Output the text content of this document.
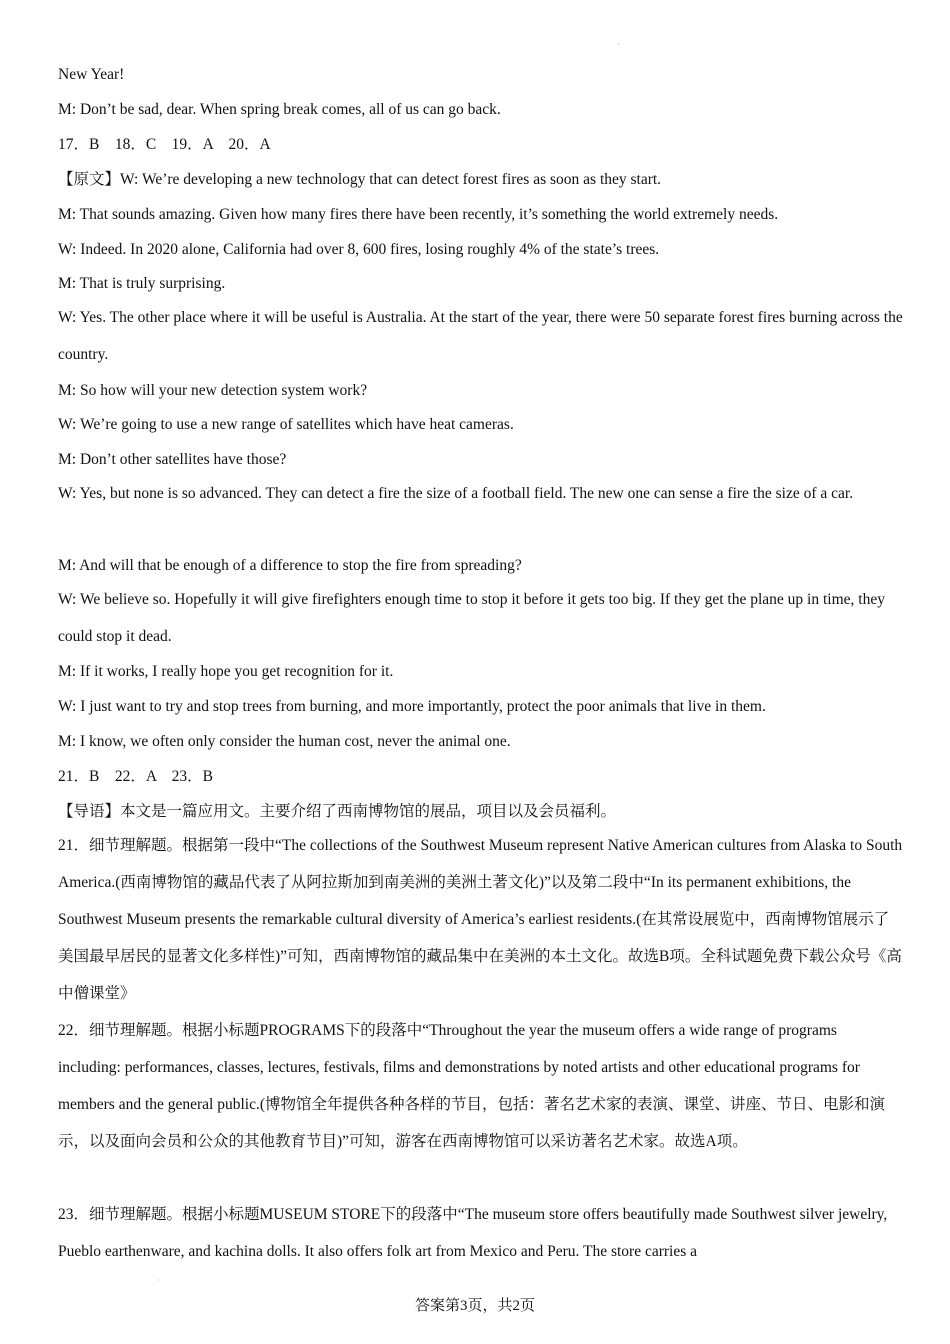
New Year!
M: Don’t be sad, dear. When spring break comes, all of us can go back.
17．B　18．C　19．A　20．A
【原文】W: We’re developing a new technology that can detect forest fires as soon as they start.
M: That sounds amazing. Given how many fires there have been recently, it’s something the world extremely needs.
W: Indeed. In 2020 alone, California had over 8, 600 fires, losing roughly 4% of the state’s trees.
M: That is truly surprising.
W: Yes. The other place where it will be useful is Australia. At the start of the year, there were 50 separate forest fires burning across the country.
M: So how will your new detection system work?
W: We’re going to use a new range of satellites which have heat cameras.
M: Don’t other satellites have those?
W: Yes, but none is so advanced. They can detect a fire the size of a football field. The new one can sense a fire the size of a car.
M: And will that be enough of a difference to stop the fire from spreading?
W: We believe so. Hopefully it will give firefighters enough time to stop it before it gets too big. If they get the plane up in time, they could stop it dead.
M: If it works, I really hope you get recognition for it.
W: I just want to try and stop trees from burning, and more importantly, protect the poor animals that live in them.
M: I know, we often only consider the human cost, never the animal one.
21．B　22．A　23．B
【导语】本文是一篇应用文。主要介绍了西南博物馆的展品，项目以及会员福利。
21．细节理解题。根据第一段中“The collections of the Southwest Museum represent Native American cultures from Alaska to South America.(西南博物馆的藏品代表了从阿拉斯加到南美洲的美洲土著文化)”以及第二段中“In its permanent exhibitions, the Southwest Museum presents the remarkable cultural diversity of America’s earliest residents.(在其常设展览中，西南博物馆展示了美国最早居民的显著文化多样性)”可知，西南博物馆的藏品集中在美洲的本土文化。故选B项。全科试题免费下载公众号《高中僧课堂》
22．细节理解题。根据小标题PROGRAMS下的段落中“Throughout the year the museum offers a wide range of programs including: performances, classes, lectures, festivals, films and demonstrations by noted artists and other educational programs for members and the general public.(博物馆全年提供各种各样的节目，包括：著名艺术家的表演、课堂、讲座、节日、电影和演示，以及面向会员和公众的其他教育节目)”可知，游客在西南博物馆可以采访著名艺术家。故选A项。
23．细节理解题。根据小标题MUSEUM STORE下的段落中“The museum store offers beautifully made Southwest silver jewelry, Pueblo earthenware, and kachina dolls. It also offers folk art from Mexico and Peru. The store carries a
·
·
答案第3页，共2页
